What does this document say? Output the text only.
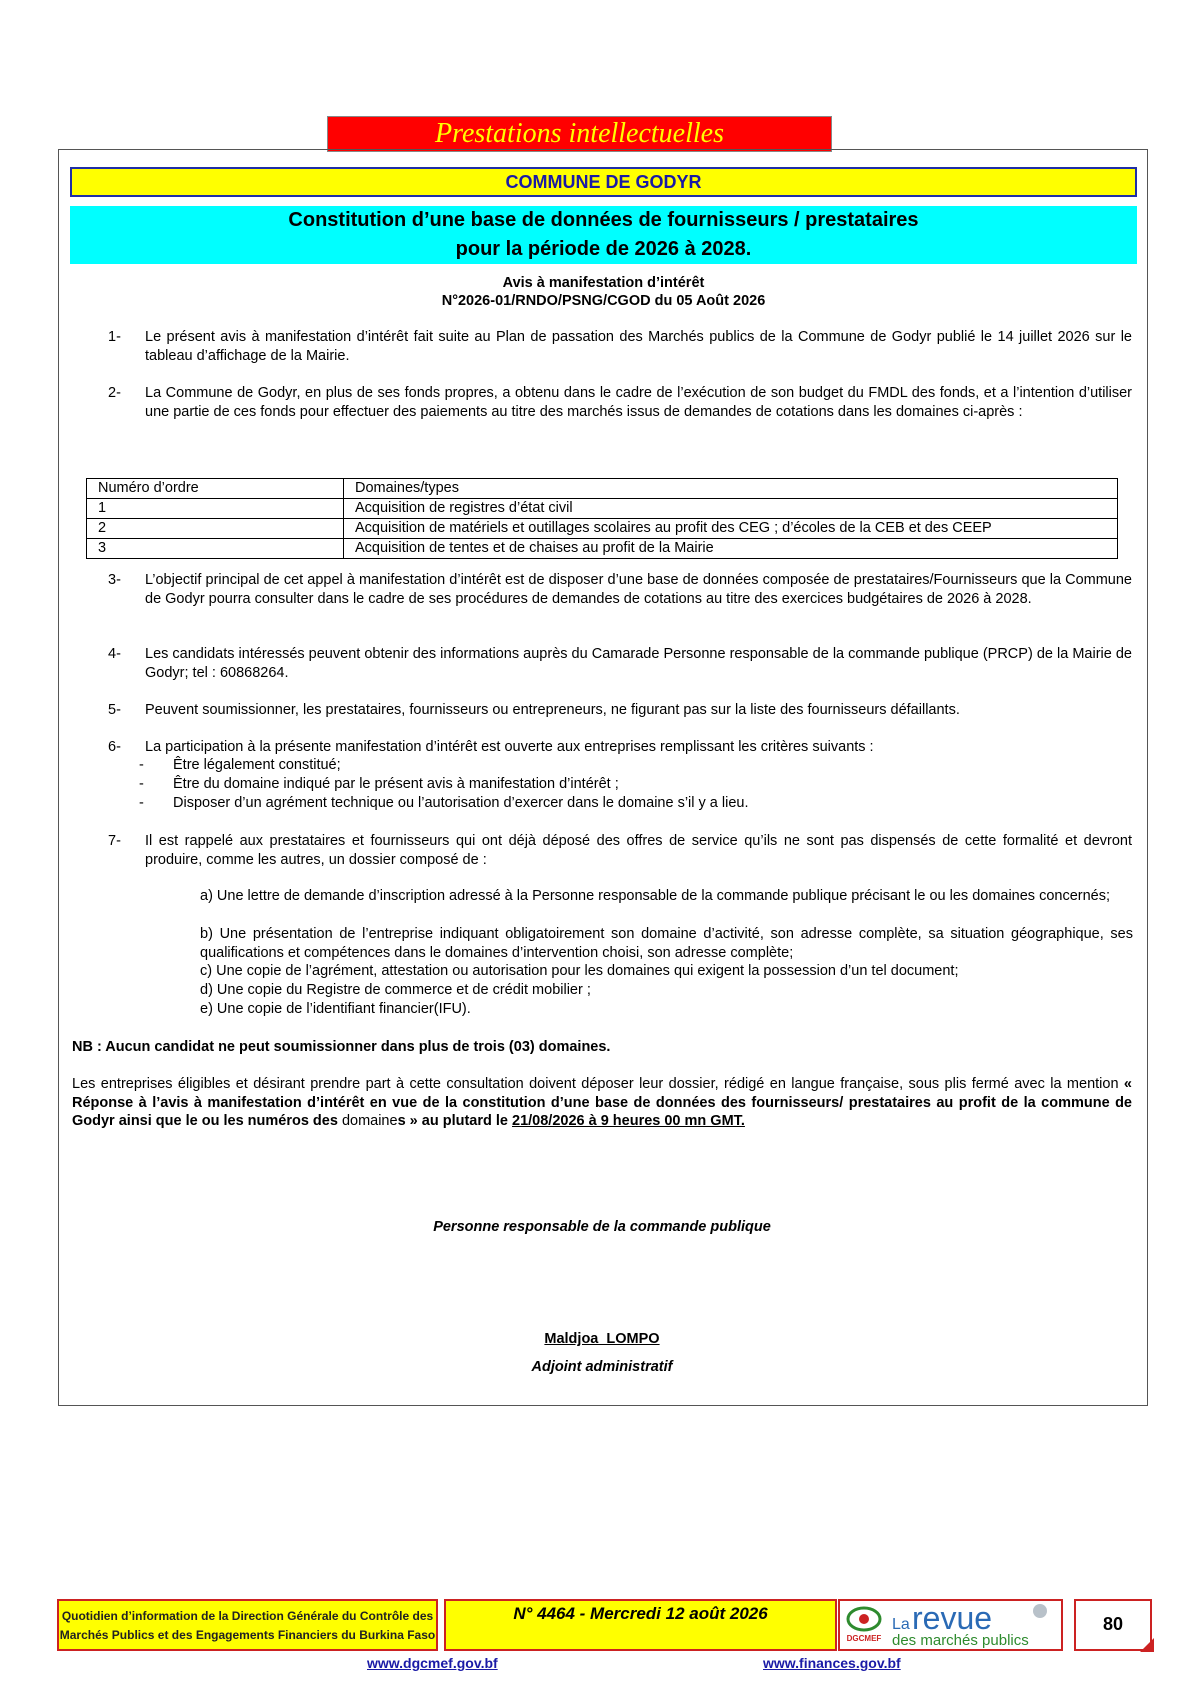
Prestations intellectuelles
COMMUNE DE GODYR
Constitution d’une base de données de fournisseurs / prestataires
pour la période de 2026 à 2028.
Avis à manifestation d’intérêt
N°2026-01/RNDO/PSNG/CGOD du 05 Août 2026
1- Le présent avis à manifestation d’intérêt fait suite au Plan de passation des Marchés publics de la Commune de Godyr publié le 14 juillet 2026 sur le tableau d’affichage de la Mairie.
2- La Commune de Godyr, en plus de ses fonds propres, a obtenu dans le cadre de l’exécution de son budget du FMDL des fonds, et a l’intention d’utiliser une partie de ces fonds pour effectuer des paiements au titre des marchés issus de demandes de cotations dans les domaines ci-après :
Numéro d’ordre	Domaines/types
1	Acquisition de registres d’état civil
2	Acquisition de matériels et outillages scolaires au profit des CEG ; d’écoles de la CEB et des CEEP
3	Acquisition de tentes et de chaises au profit de la Mairie
3- L’objectif principal de cet appel à manifestation d’intérêt est de disposer d’une base de données composée de prestataires/Fournisseurs que la Commune de Godyr pourra consulter dans le cadre de ses procédures de demandes de cotations au titre des exercices budgétaires de 2026 à 2028.
4- Les candidats intéressés peuvent obtenir des informations auprès du Camarade Personne responsable de la commande publique (PRCP) de la Mairie de Godyr; tel : 60868264.
5- Peuvent soumissionner, les prestataires, fournisseurs ou entrepreneurs, ne figurant pas sur la liste des fournisseurs défaillants.
6- La participation à la présente manifestation d’intérêt est ouverte aux entreprises remplissant les critères suivants :
- Être légalement constitué;
- Être du domaine indiqué par le présent avis à manifestation d’intérêt ;
- Disposer d’un agrément technique ou l’autorisation d’exercer dans le domaine s’il y a lieu.
7- Il est rappelé aux prestataires et fournisseurs qui ont déjà déposé des offres de service qu’ils ne sont pas dispensés de cette formalité et devront produire, comme les autres, un dossier composé de :
a) Une lettre de demande d’inscription adressé à la Personne responsable de la commande publique précisant le ou les domaines concernés;
b) Une présentation de l’entreprise indiquant obligatoirement son domaine d’activité, son adresse complète, sa situation géographique, ses qualifications et compétences dans le domaines d’intervention choisi, son adresse complète;
c) Une copie de l’agrément, attestation ou autorisation pour les domaines qui exigent la possession d’un tel document;
d) Une copie du Registre de commerce et de crédit mobilier ;
e) Une copie de l’identifiant financier(IFU).
NB : Aucun candidat ne peut soumissionner dans plus de trois (03) domaines.
Les entreprises éligibles et désirant prendre part à cette consultation doivent déposer leur dossier, rédigé en langue française, sous plis fermé avec la mention « Réponse à l’avis à manifestation d’intérêt en vue de la constitution d’une base de données des fournisseurs/ prestataires au profit de la commune de Godyr ainsi que le ou les numéros des domaines » au plutard le 21/08/2026 à 9 heures 00 mn GMT.
Personne responsable de la commande publique
Maldjoa  LOMPO
Adjoint administratif
Quotidien d’information de la Direction Générale du Contrôle des
Marchés Publics et des Engagements Financiers du Burkina Faso
N° 4464 - Mercredi 12 août 2026
DGCMEF
La revue
des marchés publics
80
www.dgcmef.gov.bf	www.finances.gov.bf
